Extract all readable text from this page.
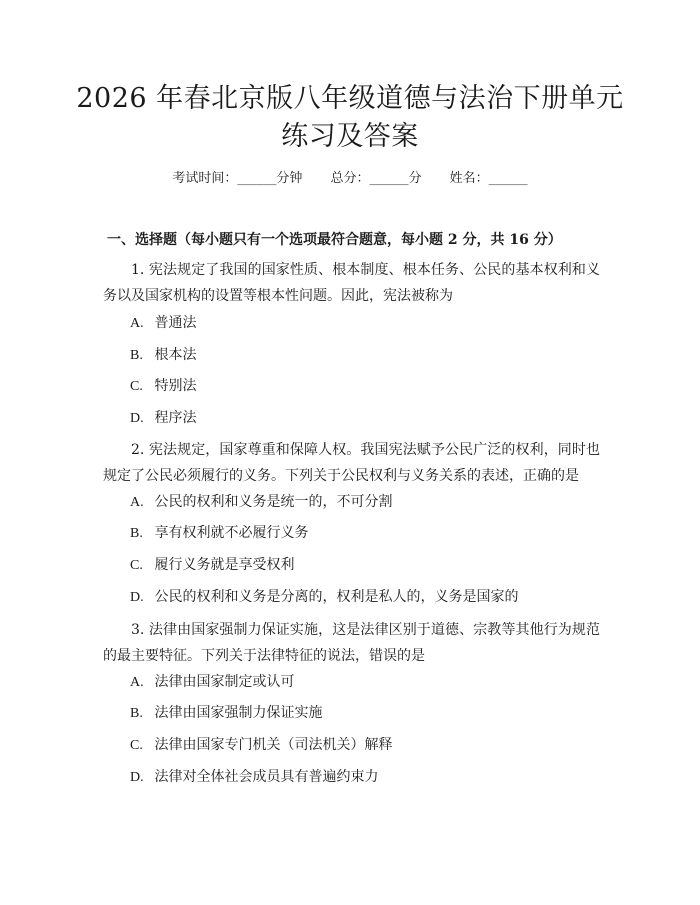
2026 年春北京版八年级道德与法治下册单元
练习及答案
考试时间：______分钟 总分：______分 姓名：______

一、选择题（每小题只有一个选项最符合题意，每小题 2 分，共 16 分）

1. 宪法规定了我国的国家性质、根本制度、根本任务、公民的基本权利和义务以及国家机构的设置等根本性问题。因此，宪法被称为

A. 普通法

B. 根本法

C. 特别法

D. 程序法

2. 宪法规定，国家尊重和保障人权。我国宪法赋予公民广泛的权利，同时也规定了公民必须履行的义务。下列关于公民权利与义务关系的表述，正确的是

A. 公民的权利和义务是统一的，不可分割

B. 享有权利就不必履行义务

C. 履行义务就是享受权利

D. 公民的权利和义务是分离的，权利是私人的，义务是国家的

3. 法律由国家强制力保证实施，这是法律区别于道德、宗教等其他行为规范的最主要特征。下列关于法律特征的说法，错误的是

A. 法律由国家制定或认可

B. 法律由国家强制力保证实施

C. 法律由国家专门机关（司法机关）解释

D. 法律对全体社会成员具有普遍约束力
